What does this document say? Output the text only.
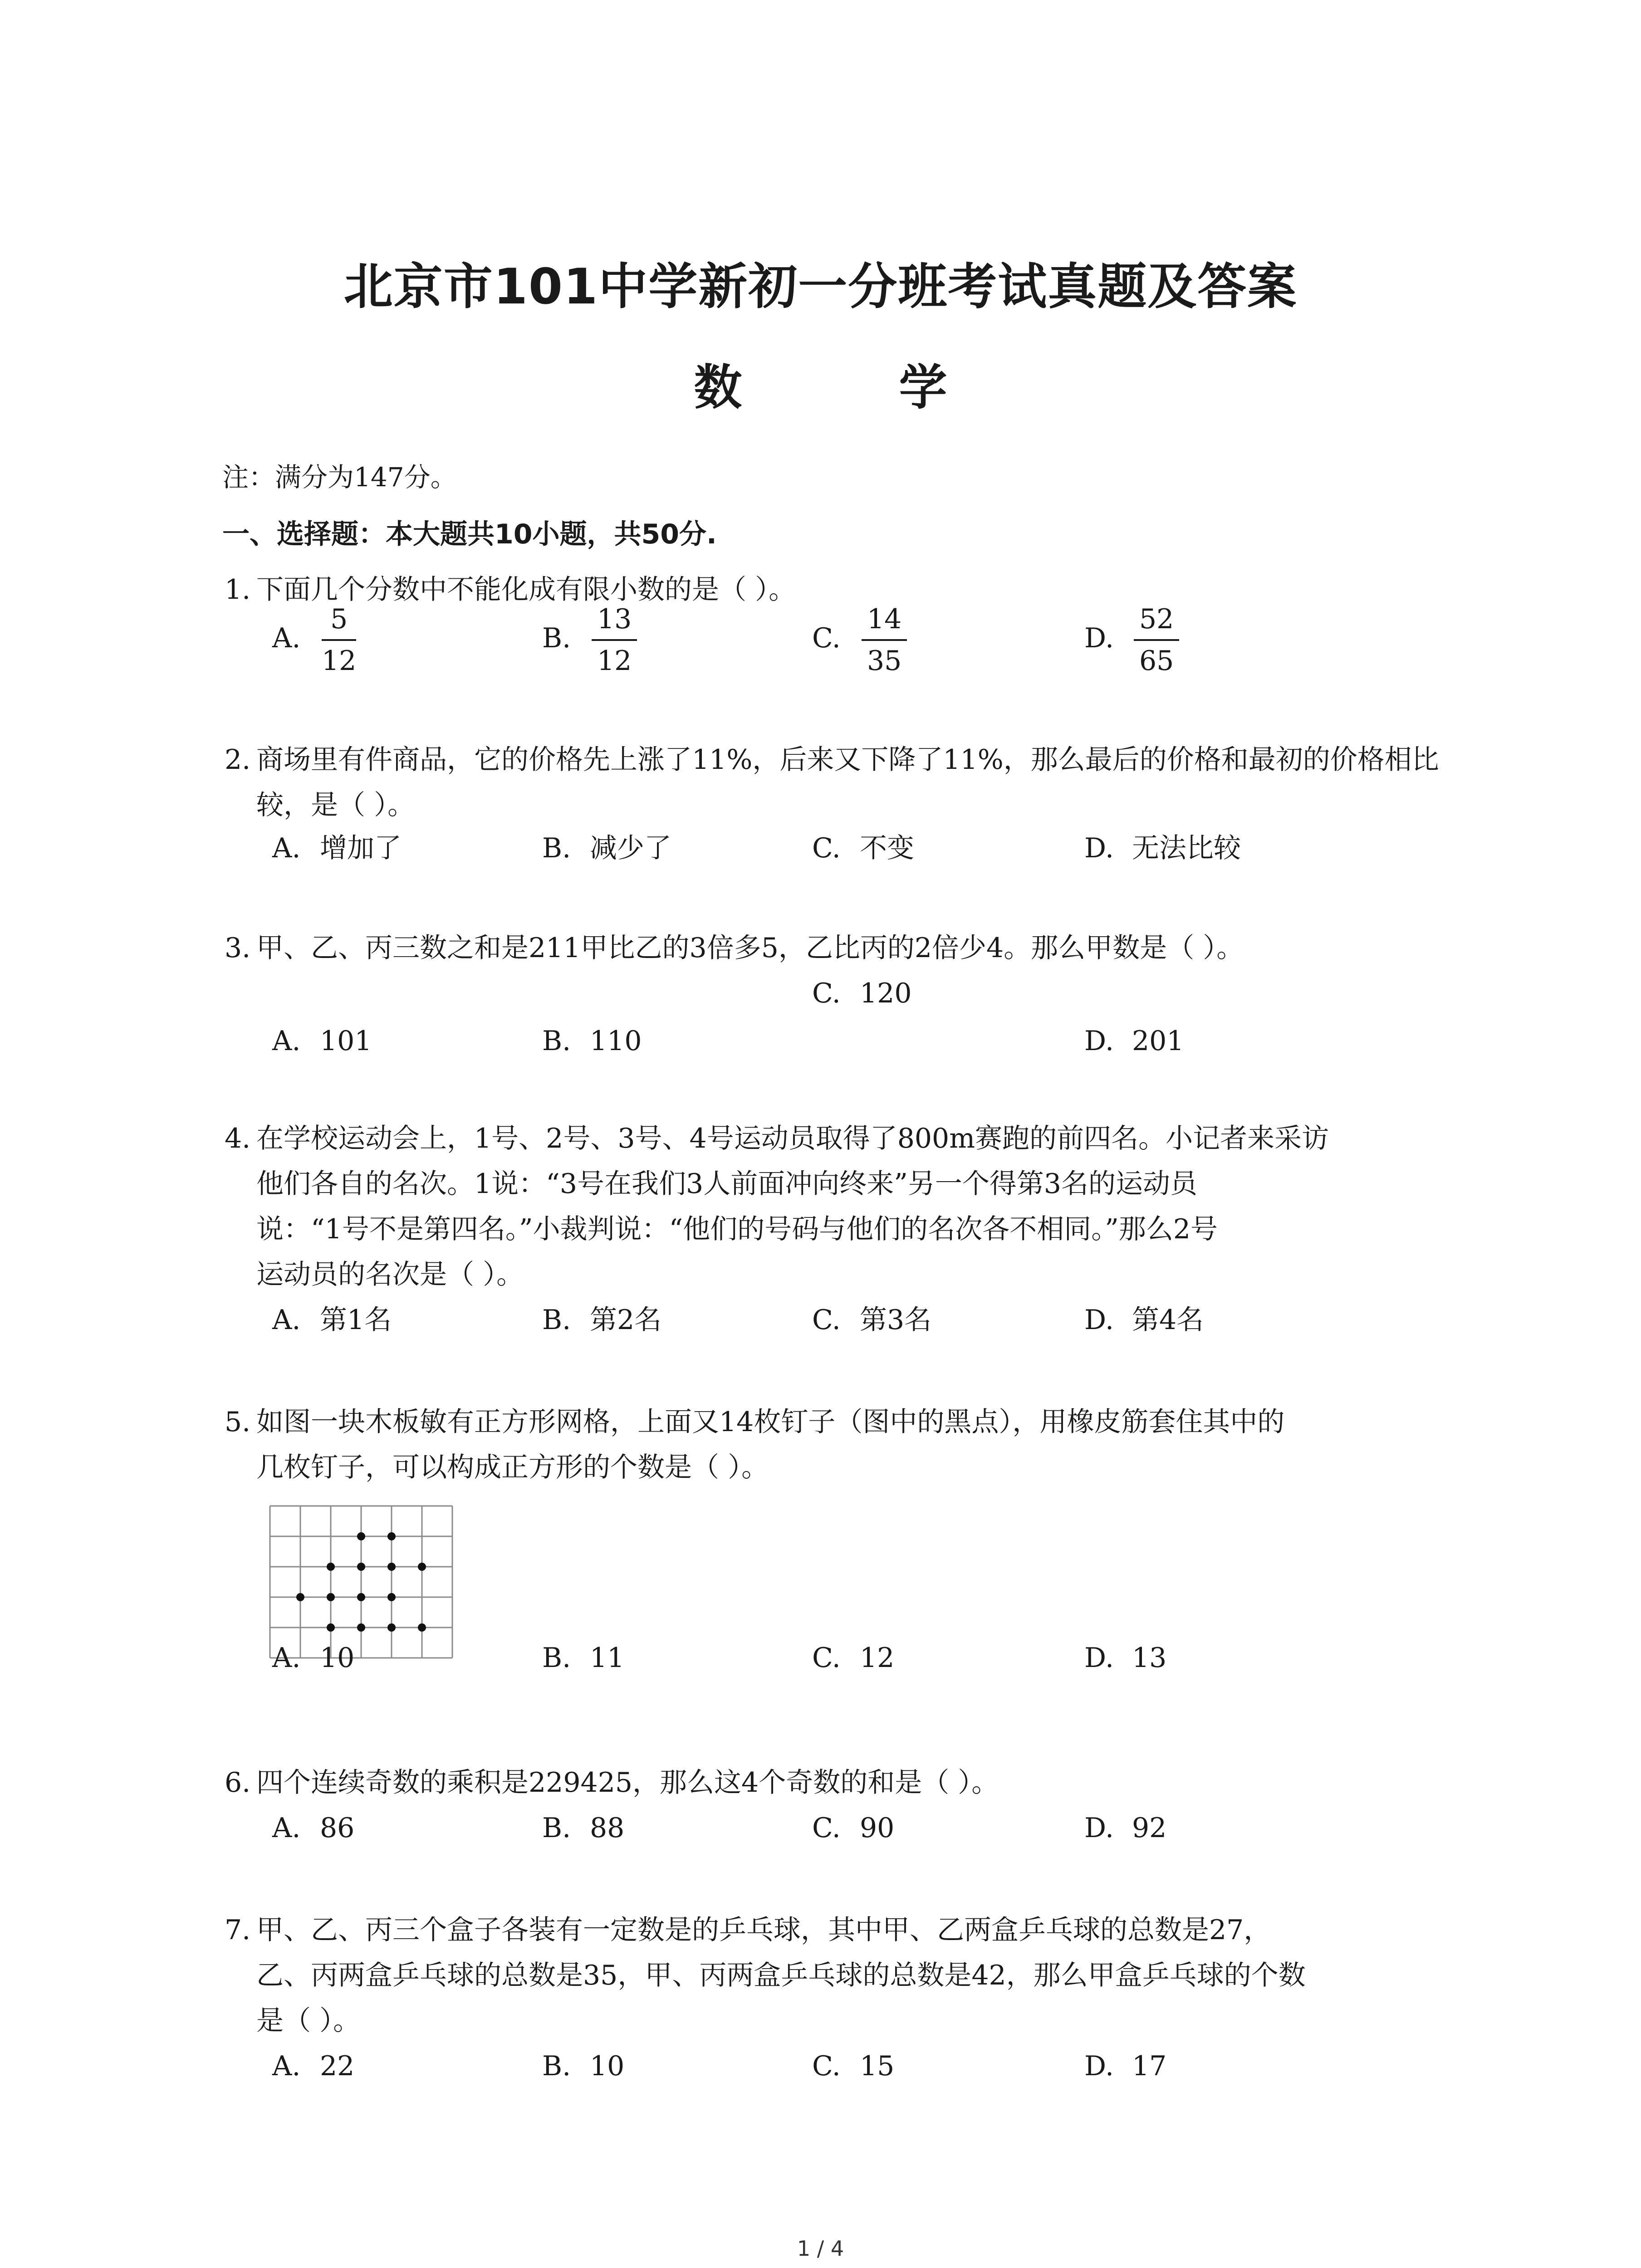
北京市101中学新初一分班考试真题及答案
数　学
注：满分为147分。
一、选择题：本大题共10小题，共50分.
1. 下面几个分数中不能化成有限小数的是（ ）。
A. $\frac{5}{12}$	B. $\frac{13}{12}$	C. $\frac{14}{35}$	D. $\frac{52}{65}$
2. 商场里有件商品，它的价格先上涨了11%，后来又下降了11%，那么最后的价格和最初的价格相比较，是（ ）。
A. 增加了	B. 减少了	C. 不变	D. 无法比较
3. 甲、乙、丙三数之和是211甲比乙的3倍多5，乙比丙的2倍少4。那么甲数是（ ）。
C. 120
A. 101	B. 110	D. 201
4. 在学校运动会上，1号、2号、3号、4号运动员取得了800m赛跑的前四名。小记者来采访
他们各自的名次。1说：“3号在我们3人前面冲向终来”另一个得第3名的运动员
说：“1号不是第四名。”小裁判说：“他们的号码与他们的名次各不相同。”那么2号
运动员的名次是（ ）。
A. 第1名	B. 第2名	C. 第3名	D. 第4名
5. 如图一块木板敏有正方形网格，上面又14枚钉子（图中的黑点），用橡皮筋套住其中的
几枚钉子，可以构成正方形的个数是（ ）。
A. 10	B. 11	C. 12	D. 13
6. 四个连续奇数的乘积是229425，那么这4个奇数的和是（ ）。
A. 86	B. 88	C. 90	D. 92
7. 甲、乙、丙三个盒子各装有一定数是的乒乓球，其中甲、乙两盒乒乓球的总数是27，
乙、丙两盒乒乓球的总数是35，甲、丙两盒乒乓球的总数是42，那么甲盒乒乓球的个数
是（ ）。
A. 22	B. 10	C. 15	D. 17
1 / 4
